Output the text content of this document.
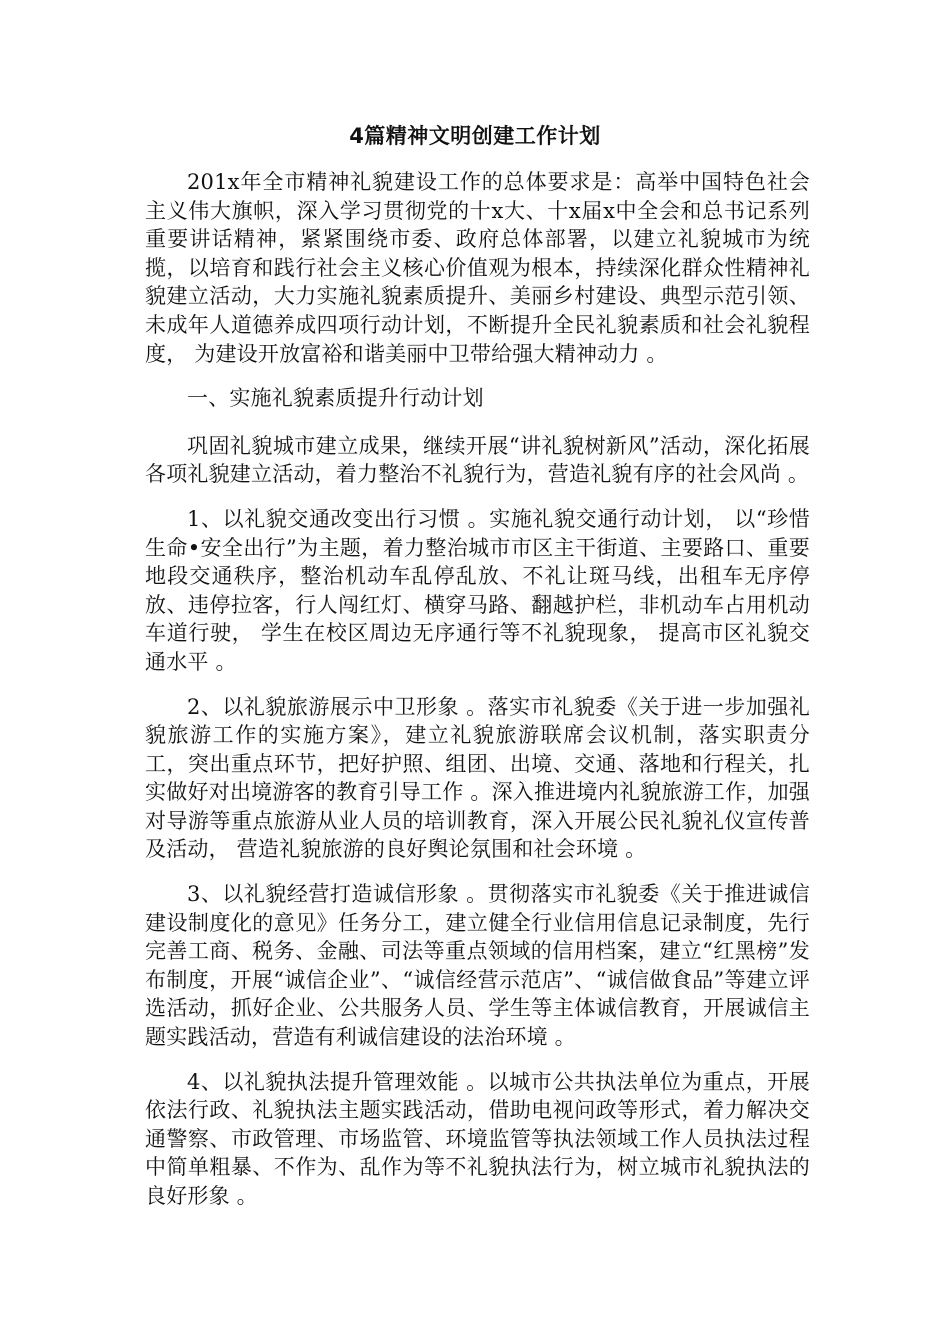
4篇精神文明创建工作计划

201x年全市精神礼貌建设工作的总体要求是：高举中国特色社会主义伟大旗帜，深入学习贯彻党的十x大、十x届x中全会和总书记系列重要讲话精神，紧紧围绕市委、政府总体部署，以建立礼貌城市为统揽，以培育和践行社会主义核心价值观为根本，持续深化群众性精神礼貌建立活动，大力实施礼貌素质提升、美丽乡村建设、典型示范引领、未成年人道德养成四项行动计划，不断提升全民礼貌素质和社会礼貌程度， 为建设开放富裕和谐美丽中卫带给强大精神动力 。

一、实施礼貌素质提升行动计划

巩固礼貌城市建立成果，继续开展“讲礼貌树新风”活动，深化拓展各项礼貌建立活动，着力整治不礼貌行为，营造礼貌有序的社会风尚 。

1、以礼貌交通改变出行习惯 。实施礼貌交通行动计划， 以“珍惜生命•安全出行”为主题，着力整治城市市区主干街道、主要路口、重要地段交通秩序，整治机动车乱停乱放、不礼让斑马线，出租车无序停放、违停拉客，行人闯红灯、横穿马路、翻越护栏，非机动车占用机动车道行驶， 学生在校区周边无序通行等不礼貌现象， 提高市区礼貌交通水平 。

2、以礼貌旅游展示中卫形象 。落实市礼貌委《关于进一步加强礼貌旅游工作的实施方案》，建立礼貌旅游联席会议机制，落实职责分工，突出重点环节，把好护照、组团、出境、交通、落地和行程关，扎实做好对出境游客的教育引导工作 。深入推进境内礼貌旅游工作，加强对导游等重点旅游从业人员的培训教育，深入开展公民礼貌礼仪宣传普及活动， 营造礼貌旅游的良好舆论氛围和社会环境 。

3、以礼貌经营打造诚信形象 。贯彻落实市礼貌委《关于推进诚信建设制度化的意见》任务分工，建立健全行业信用信息记录制度，先行完善工商、税务、金融、司法等重点领域的信用档案，建立“红黑榜”发布制度，开展“诚信企业”、“诚信经营示范店”、“诚信做食品”等建立评选活动，抓好企业、公共服务人员、学生等主体诚信教育，开展诚信主题实践活动，营造有利诚信建设的法治环境 。

4、以礼貌执法提升管理效能 。以城市公共执法单位为重点，开展依法行政、礼貌执法主题实践活动，借助电视问政等形式，着力解决交通警察、市政管理、市场监管、环境监管等执法领域工作人员执法过程中简单粗暴、不作为、乱作为等不礼貌执法行为，树立城市礼貌执法的良好形象 。
